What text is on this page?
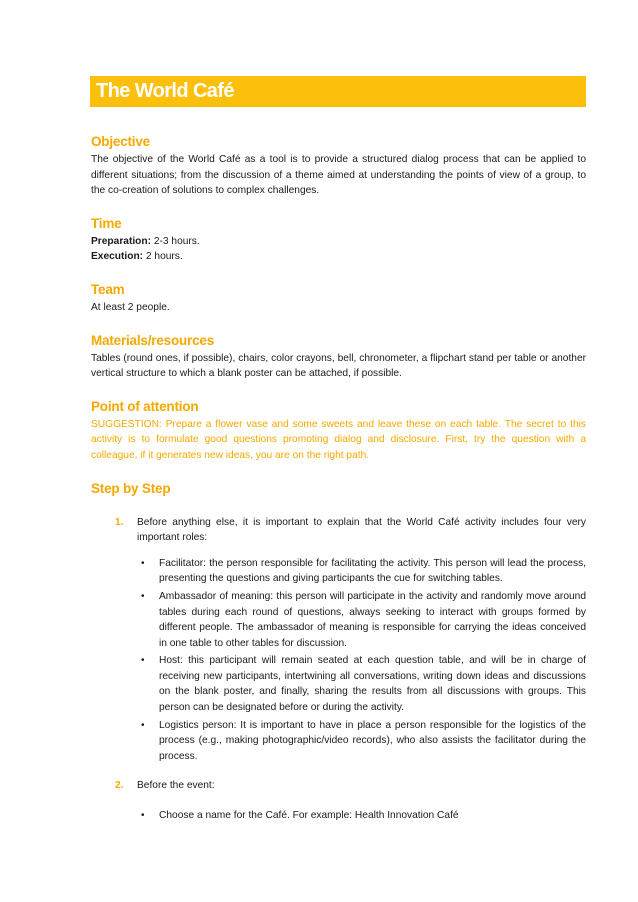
The World Café
Objective

The objective of the World Café as a tool is to provide a structured dialog process that can be applied to different situations; from the discussion of a theme aimed at understanding the points of view of a group, to the co-creation of solutions to complex challenges.

Time

Preparation: 2-3 hours.
Execution: 2 hours.

Team

At least 2 people.

Materials/resources

Tables (round ones, if possible), chairs, color crayons, bell, chronometer, a flipchart stand per table or another vertical structure to which a blank poster can be attached, if possible.

Point of attention

SUGGESTION: Prepare a flower vase and some sweets and leave these on each table. The secret to this activity is to formulate good questions promoting dialog and disclosure. First, try the question with a colleague, if it generates new ideas, you are on the right path.

Step by Step
1. Before anything else, it is important to explain that the World Café activity includes four very important roles:
• Facilitator: the person responsible for facilitating the activity. This person will lead the process, presenting the questions and giving participants the cue for switching tables.
• Ambassador of meaning: this person will participate in the activity and randomly move around tables during each round of questions, always seeking to interact with groups formed by different people. The ambassador of meaning is responsible for carrying the ideas conceived in one table to other tables for discussion.
• Host: this participant will remain seated at each question table, and will be in charge of receiving new participants, intertwining all conversations, writing down ideas and discussions on the blank poster, and finally, sharing the results from all discussions with groups. This person can be designated before or during the activity.
• Logistics person: It is important to have in place a person responsible for the logistics of the process (e.g., making photographic/video records), who also assists the facilitator during the process.
2. Before the event:
• Choose a name for the Café. For example: Health Innovation Café
